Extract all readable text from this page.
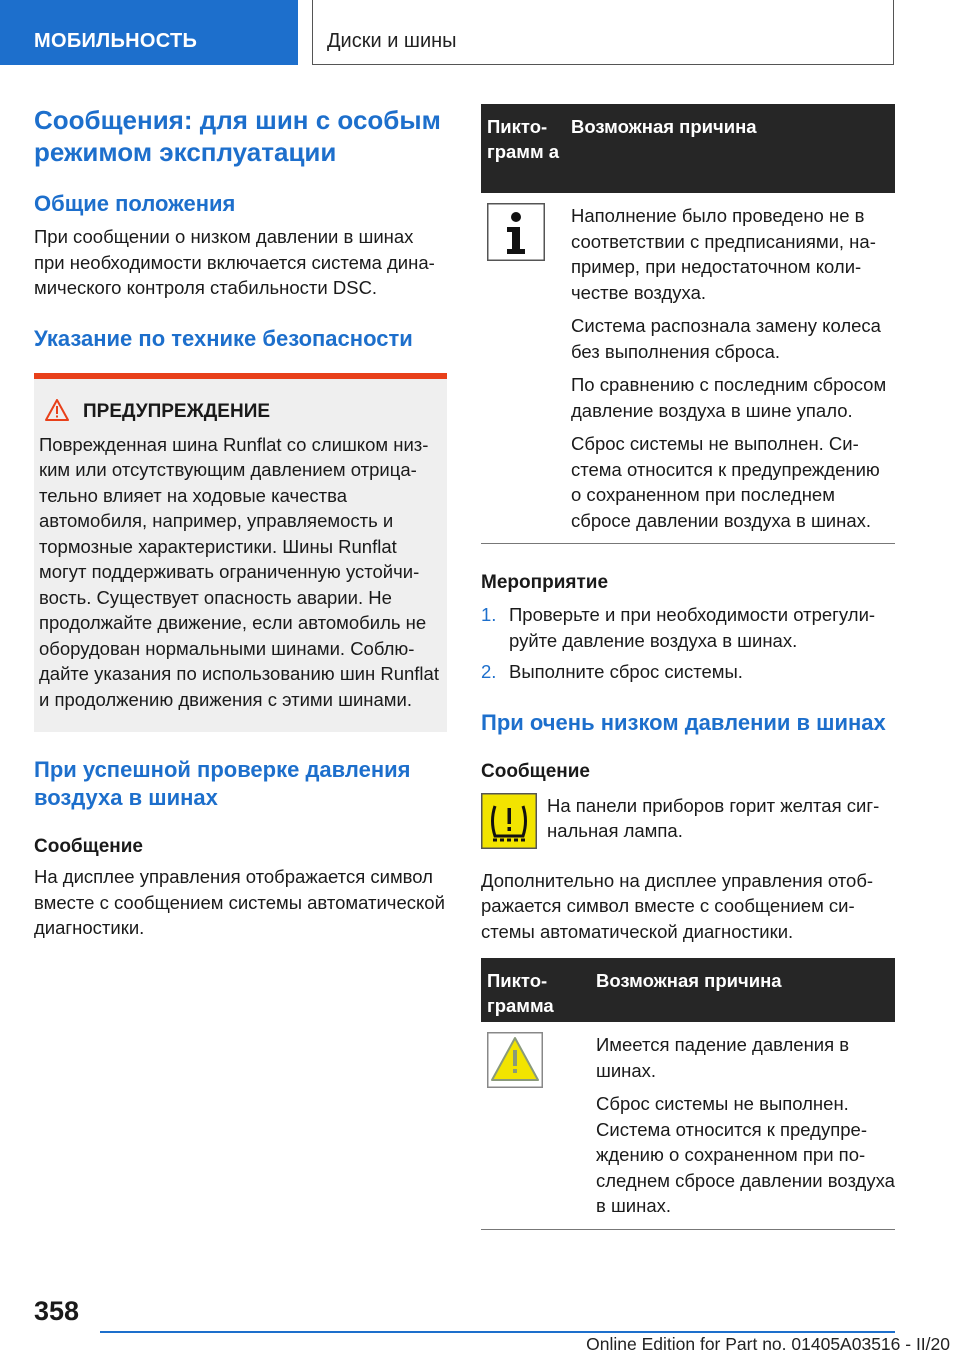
МОБИЛЬНОСТЬ	Диски и шины
Сообщения: для шин с особым режимом эксплуатации
Общие положения

При сообщении о низком давлении в шинах при необходимости включается система динамического контроля стабильности DSC.

Указание по технике безопасности
ПРЕДУПРЕЖДЕНИЕ

Поврежденная шина Runflat со слишком низким или отсутствующим давлением отрицательно влияет на ходовые качества автомобиля, например, управляемость и тормозные характеристики. Шины Runflat могут поддерживать ограниченную устойчивость. Существует опасность аварии. Не продолжайте движение, если автомобиль не оборудован нормальными шинами. Соблюдайте указания по использованию шин Runflat и продолжению движения с этими шинами.

При успешной проверке давления воздуха в шинах
Сообщение

На дисплее управления отображается символ вместе с сообщением системы автоматической диагностики.

Пиктограмм а
Возможная причина

Наполнение было проведено не в соответствии с предписаниями, например, при недостаточном количестве воздуха.

Система распознала замену колеса без выполнения сброса.

По сравнению с последним сбросом давление воздуха в шине упало.

Сброс системы не выполнен. Система относится к предупреждению о сохраненном при последнем сбросе давлении воздуха в шинах.

Мероприятие
1. Проверьте и при необходимости отрегулируйте давление воздуха в шинах.
2. Выполните сброс системы.
При очень низком давлении в шинах
Сообщение

На панели приборов горит желтая сигнальная лампа.

Дополнительно на дисплее управления отображается символ вместе с сообщением системы автоматической диагностики.

Пиктограмма
Возможная причина

Имеется падение давления в шинах.

Сброс системы не выполнен. Система относится к предупреждению о сохраненном при последнем сбросе давлении воздуха в шинах.

358
Online Edition for Part no. 01405A03516 - II/20
